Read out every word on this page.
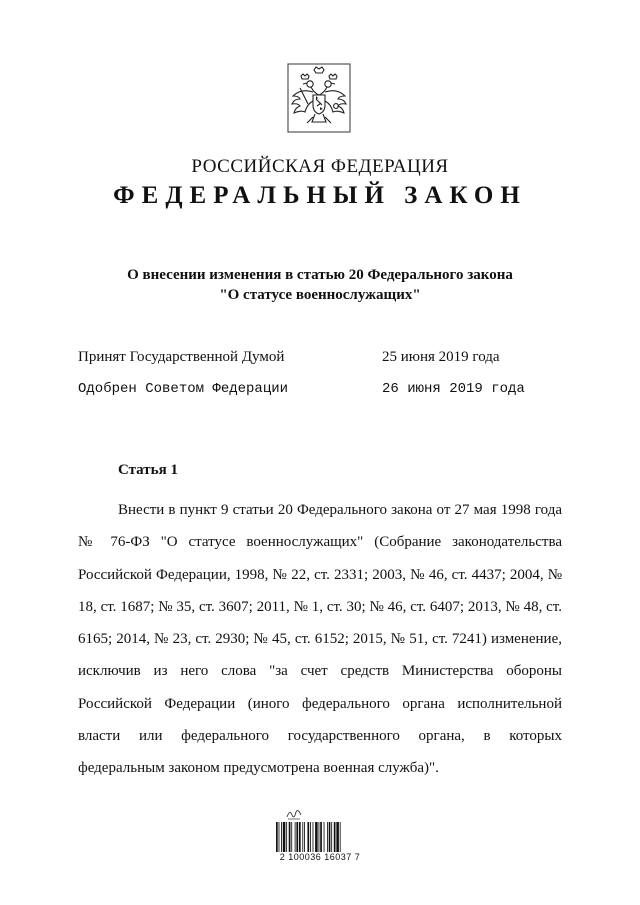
РОССИЙСКАЯ ФЕДЕРАЦИЯ
ФЕДЕРАЛЬНЫЙ ЗАКОН
О внесении изменения в статью 20 Федерального закона
"О статусе военнослужащих"
Принят Государственной Думой	25 июня 2019 года
Одобрен Советом Федерации	26 июня 2019 года
Статья 1

Внести в пункт 9 статьи 20 Федерального закона от 27 мая 1998 года № 76-ФЗ "О статусе военнослужащих" (Собрание законодательства Российской Федерации, 1998, № 22, ст. 2331; 2003, № 46, ст. 4437; 2004, № 18, ст. 1687; № 35, ст. 3607; 2011, № 1, ст. 30; № 46, ст. 6407; 2013, № 48, ст. 6165; 2014, № 23, ст. 2930; № 45, ст. 6152; 2015, № 51, ст. 7241) изменение, исключив из него слова "за счет средств Министерства обороны Российской Федерации (иного федерального органа исполнительной власти или федерального государственного органа, в которых федеральным законом предусмотрена военная служба)".

2 100036 16037 7
